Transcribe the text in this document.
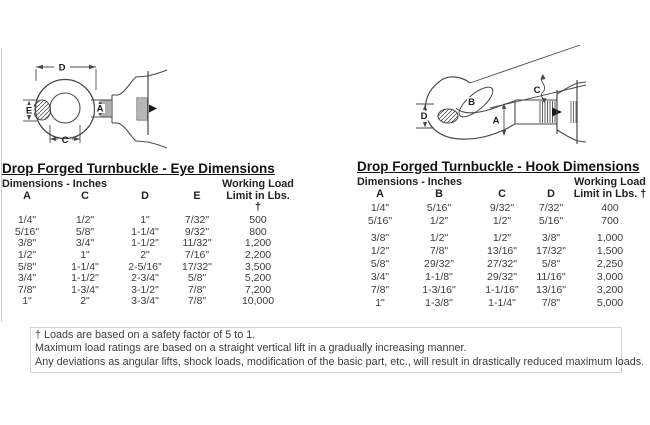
D
E	A
C
D
B
C
A
Drop Forged Turnbuckle - Eye Dimensions
Dimensions - Inches	Working Load
A	C	D	E	Limit in Lbs. †
1/4"	1/2"	1"	7/32"	500
5/16"	5/8"	1-1/4"	9/32"	800
3/8"	3/4"	1-1/2"	11/32"	1,200
1/2"	1"	2"	7/16"	2,200
5/8"	1-1/4"	2-5/16"	17/32"	3,500
3/4"	1-1/2"	2-3/4"	5/8"	5,200
7/8"	1-3/4"	3-1/2"	7/8"	7,200
1"	2"	3-3/4"	7/8"	10,000
Drop Forged Turnbuckle - Hook Dimensions
Dimensions - Inches	Working Load
A	B	C	D	Limit in Lbs. †
1/4"	5/16"	9/32"	7/32"	400
5/16"	1/2"	1/2"	5/16"	700
3/8"	1/2"	1/2"	3/8"	1,000
1/2"	7/8"	13/16"	17/32"	1,500
5/8"	29/32"	27/32"	5/8"	2,250
3/4"	1-1/8"	29/32"	11/16"	3,000
7/8"	1-3/16"	1-1/16"	13/16"	3,200
1"	1-3/8"	1-1/4"	7/8"	5,000
† Loads are based on a safety factor of 5 to 1.
Maximum load ratings are based on a straight vertical lift in a gradually increasing manner.
Any deviations as angular lifts, shock loads, modification of the basic part, etc., will result in drastically reduced maximum loads.
